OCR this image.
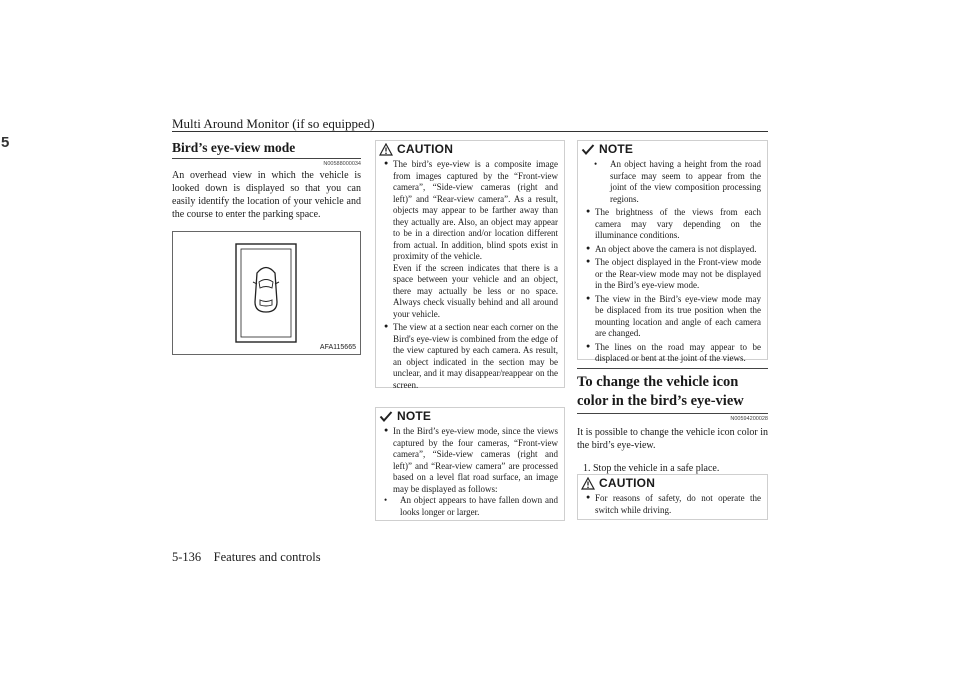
Multi Around Monitor (if so equipped)
5	Bird’s eye-view mode
N00588000034

An overhead view in which the vehicle is looked down is displayed so that you can easily identify the location of your vehicle and the course to enter the parking space.

AFA115665
CAUTION

● The bird’s eye-view is a composite image from images captured by the “Front-view camera”, “Side-view cameras (right and left)” and “Rear-view camera”. As a result, objects may appear to be farther away than they actually are. Also, an object may appear to be in a direction and/or location different from actual. In addition, blind spots exist in proximity of the vehicle.

Even if the screen indicates that there is a space between your vehicle and an object, there may actually be less or no space. Always check visually behind and all around your vehicle.

● The view at a section near each corner on the Bird's eye-view is combined from the edge of the view captured by each camera. As result, an object indicated in the section may be unclear, and it may disappear/reappear on the screen.

NOTE

● In the Bird’s eye-view mode, since the views captured by the four cameras, “Front-view camera”, “Side-view cameras (right and left)” and “Rear-view camera” are processed based on a level flat road surface, an image may be displayed as follows:

• An object appears to have fallen down and looks longer or larger.

NOTE

• An object having a height from the road surface may seem to appear from the joint of the view composition processing regions.

● The brightness of the views from each camera may vary depending on the illuminance conditions.

● An object above the camera is not displayed.

● The object displayed in the Front-view mode or the Rear-view mode may not be displayed in the Bird’s eye-view mode.

● The view in the Bird’s eye-view mode may be displaced from its true position when the mounting location and angle of each camera are changed.

● The lines on the road may appear to be displaced or bent at the joint of the views.

To change the vehicle icon color in the bird’s eye-view
N00594200028

It is possible to change the vehicle icon color in the bird’s eye-view.

1. Stop the vehicle in a safe place.

CAUTION

● For reasons of safety, do not operate the switch while driving.

5-136    Features and controls
